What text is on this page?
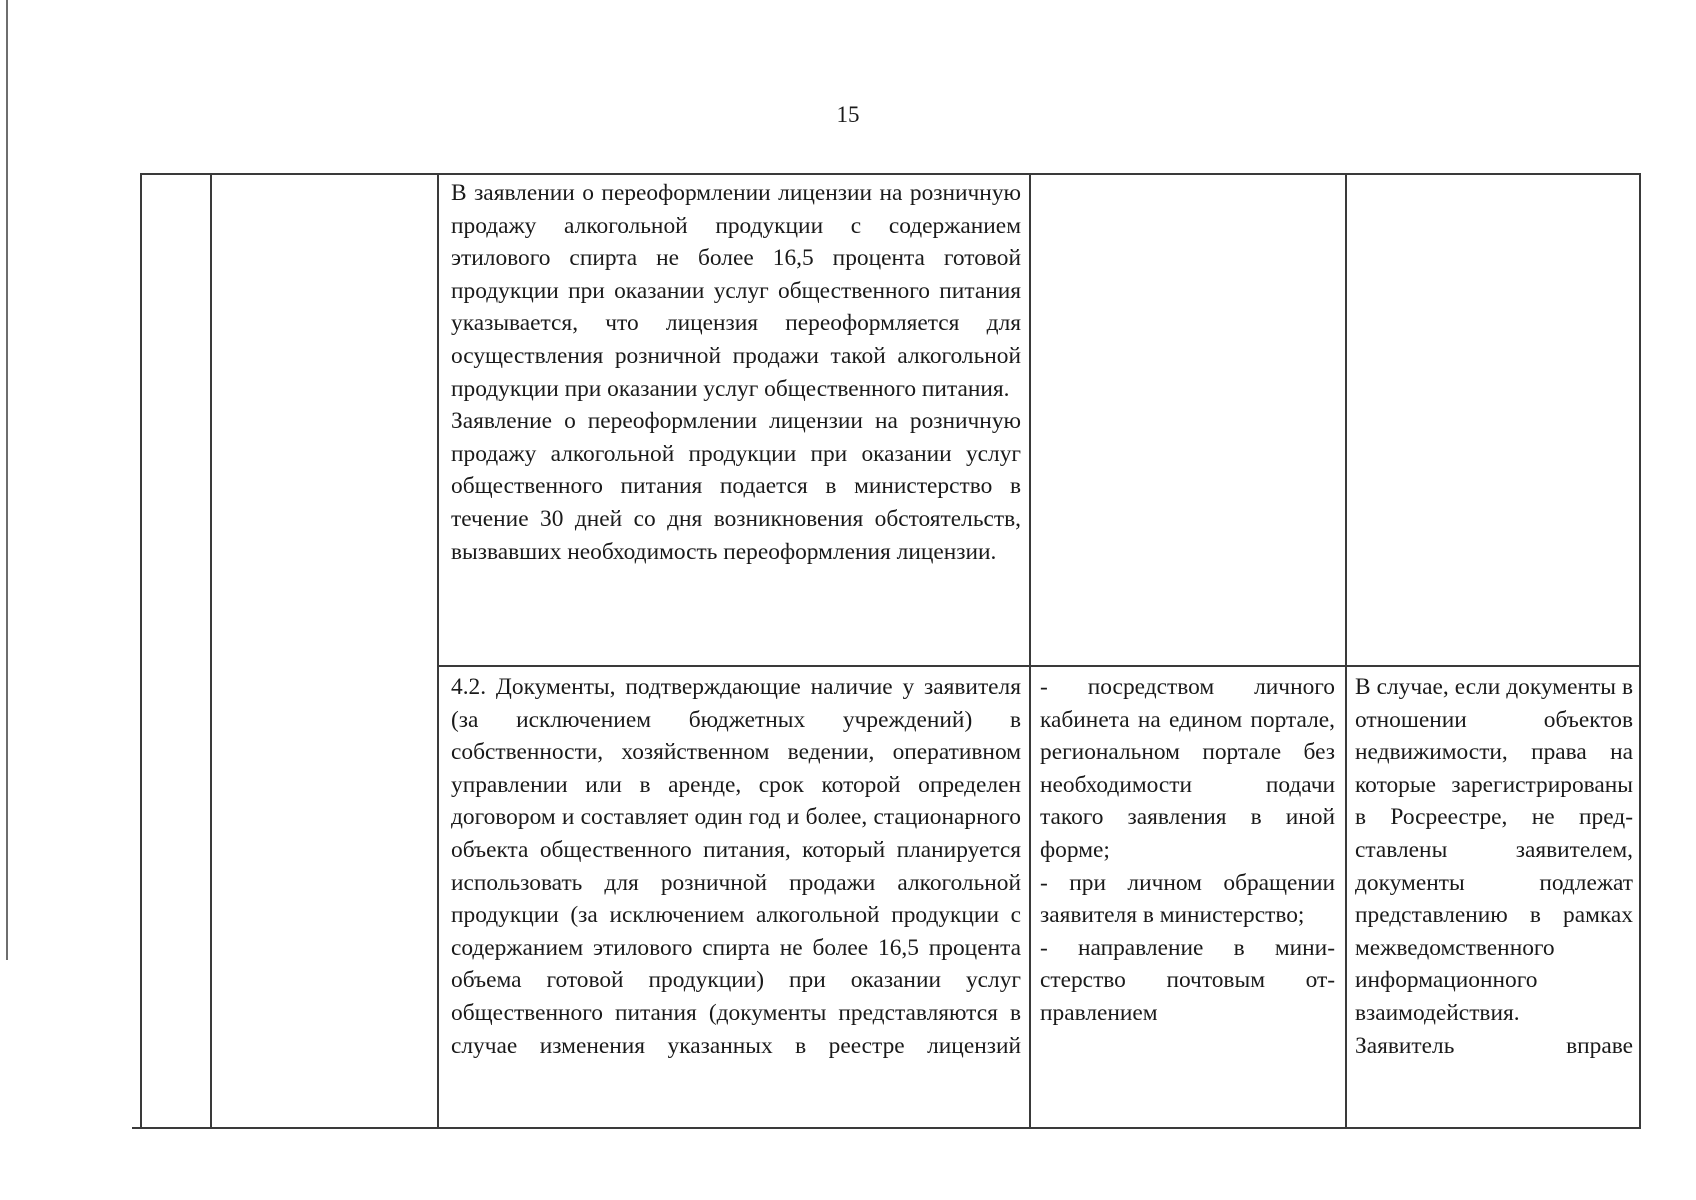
15

В заявлении о переоформлении лицензии на розничную продажу алкогольной продукции с содержанием этилового спирта не более 16,5 процента готовой продукции при оказании услуг общественного питания указывается, что лицензия переоформляется для осуществления розничной продажи такой алкогольной продукции при оказании услуг общественного питания.

Заявление о переоформлении лицензии на розничную продажу алкогольной продукции при оказании услуг общественного питания подается в министерство в течение 30 дней со дня возникновения обстоятельств, вызвавших необходимость переоформления лицензии.

4.2. Документы, подтверждающие наличие у заявителя (за исключением бюджетных учреждений) в собственности, хозяйственном ведении, оперативном управлении или в аренде, срок которой определен договором и составляет один год и более, стационарного объекта общественного питания, который планируется использовать для розничной продажи алкогольной продукции (за исключением алкогольной продукции с содержанием этилового спирта не более 16,5 процента объема готовой продукции) при оказании услуг общественного питания (документы представляются в случае изменения указанных в реестре лицензий

- посредством личного кабинета на едином портале, региональном портале без необходимости подачи такого заявления в иной форме;

- при личном обращении заявителя в министерство;

- направление в министерство почтовым отправлением

В случае, если документы в отношении объектов недвижимости, права на которые зарегистрированы в Росреестре, не представлены заявителем, документы подлежат представлению в рамках межведомственного информационного взаимодействия.

Заявитель вправе
